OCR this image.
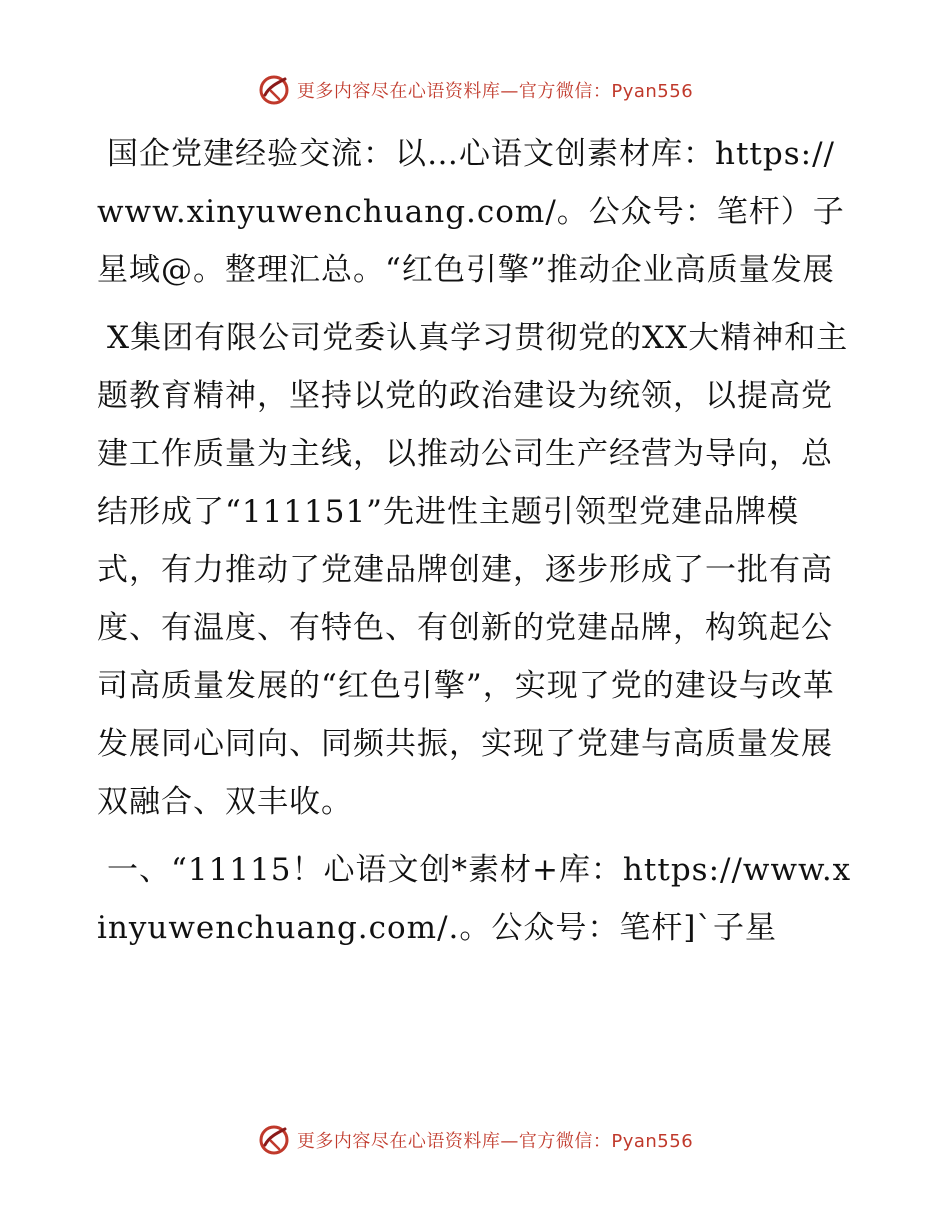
更多内容尽在心语资料库—官方微信：Pyan556

国企党建经验交流：以…心语文创素材库：https://www.xinyuwenchuang.com/。公众号：笔杆）子星域@。整理汇总。“红色引擎”推动企业高质量发展

X集团有限公司党委认真学习贯彻党的XX大精神和主题教育精神，坚持以党的政治建设为统领，以提高党建工作质量为主线，以推动公司生产经营为导向，总结形成了“111151”先进性主题引领型党建品牌模式，有力推动了党建品牌创建，逐步形成了一批有高度、有温度、有特色、有创新的党建品牌，构筑起公司高质量发展的“红色引擎”，实现了党的建设与改革发展同心同向、同频共振，实现了党建与高质量发展双融合、双丰收。

一、“11115！心语文创*素材+库：https://www.xinyuwenchuang.com/.。公众号：笔杆]`子星

更多内容尽在心语资料库—官方微信：Pyan556
